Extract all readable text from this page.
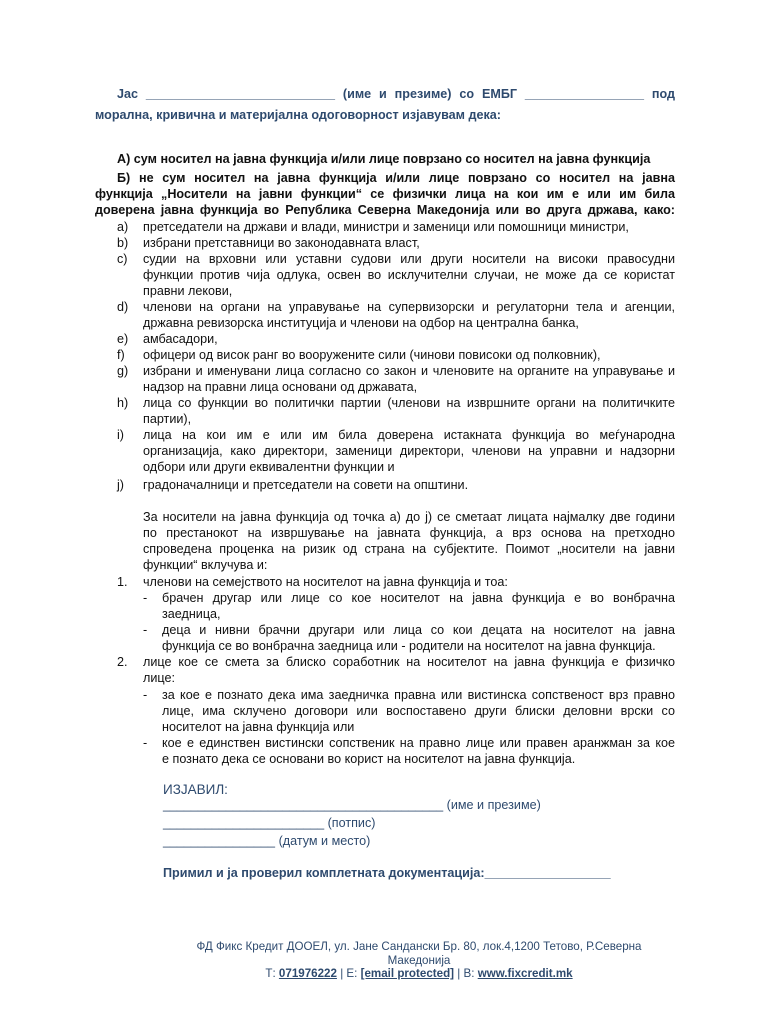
Јас ___________________________ (име и презиме) со ЕМБГ _________________ под
морална, кривична и материјална одоговорност изјавувам дека:
А) сум носител на јавна функција и/или лице поврзано со носител на јавна функција
Б) не сум носител на јавна функција и/или лице поврзано со носител на јавна
функција „Носители на јавни функции“ се физички лица на кои им е или им била
доверена јавна функција во Република Северна Македонија или во друга држава, како:
a) претседатели на држави и влади, министри и заменици или помошници министри,
b) избрани претставници во законодавната власт,
c) судии на врховни или уставни судови или други носители на високи правосудни
функции против чија одлука, освен во исклучителни случаи, не може да се користат
правни лекови,
d) членови на органи на управување на супервизорски и регулаторни тела и агенции,
државна ревизорска институција и членови на одбор на централна банка,
e) амбасадори,
f) офицери од висок ранг во вооружените сили (чинови повисоки од полковник),
g) избрани и именувани лица согласно со закон и членовите на органите на управување и
надзор на правни лица основани од државата,
h) лица со функции во политички партии (членови на извршните органи на политичките
партии),
i) лица на кои им е или им била доверена истакната функција во меѓународна
организација, како директори, заменици директори, членови на управни и надзорни
одбори или други еквивалентни функции и
j) градоначалници и претседатели на совети на општини.
За носители на јавна функција од точка а) до ј) се сметаат лицата најмалку две години
по престанокот на извршување на јавната функција, а врз основа на претходно
спроведена проценка на ризик од страна на субјектите. Поимот „носители на јавни
функции“ вклучува и:
1. членови на семејството на носителот на јавна функција и тоа:
- брачен другар или лице со кое носителот на јавна функција е во вонбрачна
заедница,
- деца и нивни брачни другари или лица со кои децата на носителот на јавна
функција се во вонбрачна заедница или - родители на носителот на јавна функција.
2. лице кое се смета за блиско соработник на носителот на јавна функција е физичко
лице:
- за кое е познато дека има заедничка правна или вистинска сопственост врз правно
лице, има склучено договори или воспоставено други блиски деловни врски со
носителот на јавна функција или
- кое е единствен вистински сопственик на правно лице или правен аранжман за кое
е познато дека се основани во корист на носителот на јавна функција.
ИЗЈАВИЛ:
________________________________________ (име и презиме)
_______________________ (потпис)
________________ (датум и место)
Примил и ја проверил комплетната документација:__________________
ФД Фикс Кредит ДООЕЛ, ул. Јане Сандански Бр. 80, лок.4,1200 Тетово, Р.Северна
Македонија
Т: 071976222 | Е: [email protected] | В: www.fixcredit.mk
